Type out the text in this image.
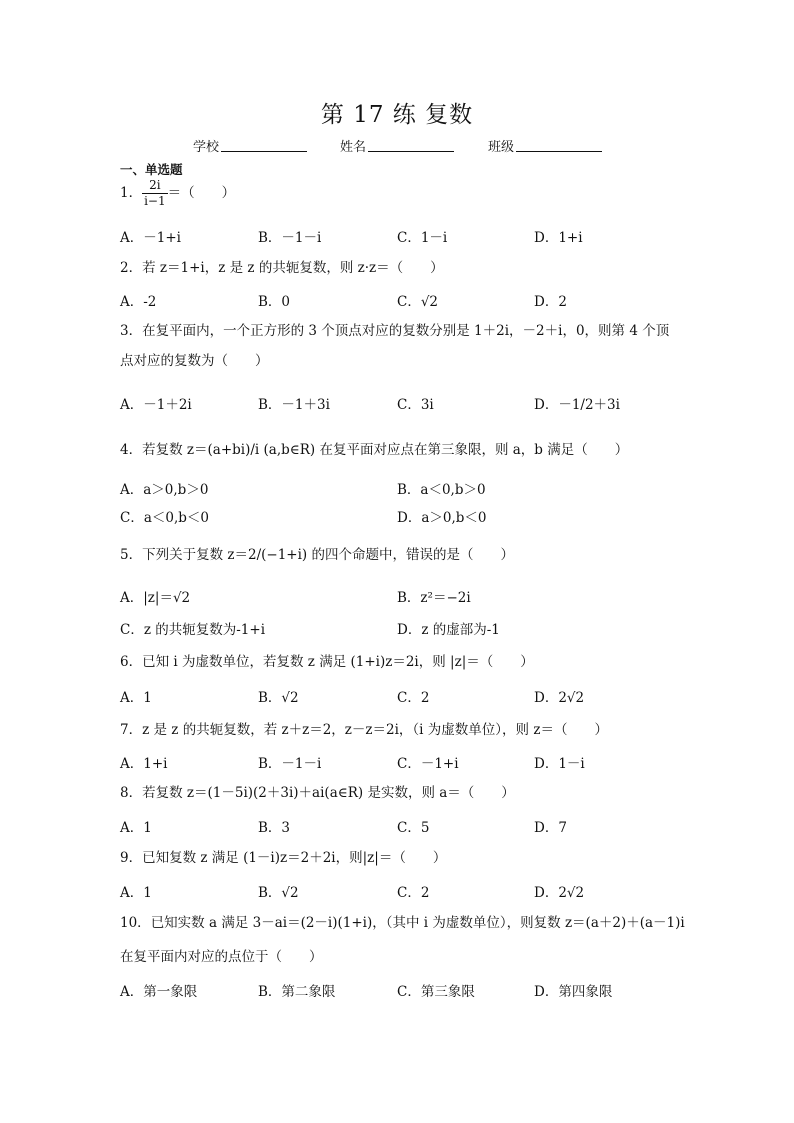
第 17 练 复数
学校	姓名	班级
一、单选题
1． $\frac{2i}{i-1}$ ＝（　　）
A．－1+i	B．－1－i	C．1－i	D．1+i
2．若 z＝1+i，z 是 z 的共轭复数，则 z·z＝（　　）
A．-2	B．0	C．√2	D．2
3．在复平面内，一个正方形的 3 个顶点对应的复数分别是 1＋2i，－2＋i，0，则第 4 个顶
点对应的复数为（　　）
A．－1＋2i	B．－1＋3i	C．3i	D．－1/2＋3i
4．若复数 z＝(a+bi)/i (a,b∈R) 在复平面对应点在第三象限，则 a，b 满足（　　）
A．a＞0,b＞0	B．a＜0,b＞0
C．a＜0,b＜0	D．a＞0,b＜0
5．下列关于复数 z＝2/(−1+i) 的四个命题中，错误的是（　　）
A．|z|＝√2	B．z²＝−2i
C．z 的共轭复数为-1+i	D．z 的虚部为-1
6．已知 i 为虚数单位，若复数 z 满足 (1+i)z＝2i，则 |z|＝（　　）
A．1	B．√2	C．2	D．2√2
7．z 是 z 的共轭复数，若 z＋z＝2，z－z＝2i，（i 为虚数单位），则 z＝（　　）
A．1+i	B．－1－i	C．－1+i	D．1－i
8．若复数 z＝(1－5i)(2＋3i)＋ai(a∈R) 是实数，则 a＝（　　）
A．1	B．3	C．5	D．7
9．已知复数 z 满足 (1－i)z＝2＋2i，则|z|＝（　　）
A．1	B．√2	C．2	D．2√2
10．已知实数 a 满足 3－ai＝(2－i)(1+i)，（其中 i 为虚数单位），则复数 z＝(a＋2)＋(a－1)i
在复平面内对应的点位于（　　）
A．第一象限	B．第二象限	C．第三象限	D．第四象限
